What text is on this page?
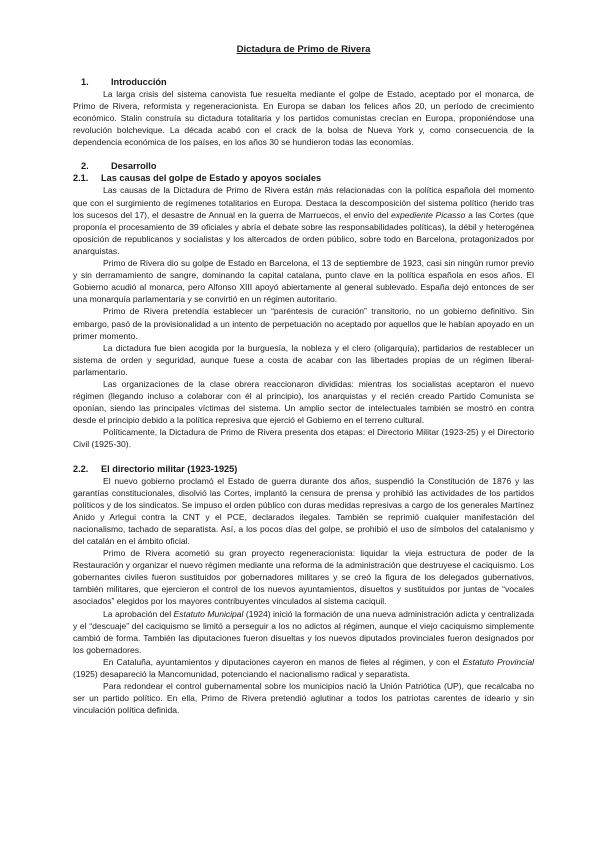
Dictadura de Primo de Rivera
1.	Introducción

La larga crisis del sistema canovista fue resuelta mediante el golpe de Estado, aceptado por el monarca, de Primo de Rivera, reformista y regeneracionista. En Europa se daban los felices años 20, un período de crecimiento económico. Stalin construía su dictadura totalitaria y los partidos comunistas crecían en Europa, proponiéndose una revolución bolchevique. La década acabó con el crack de la bolsa de Nueva York y, como consecuencia de la dependencia económica de los países, en los años 30 se hundieron todas las economías.

2.	Desarrollo
2.1.	Las causas del golpe de Estado y apoyos sociales

Las causas de la Dictadura de Primo de Rivera están más relacionadas con la política española del momento que con el surgimiento de regímenes totalitarios en Europa. Destaca la descomposición del sistema político (herido tras los sucesos del 17), el desastre de Annual en la guerra de Marruecos, el envío del expediente Picasso a las Cortes (que proponía el procesamiento de 39 oficiales y abría el debate sobre las responsabilidades políticas), la débil y heterogénea oposición de republicanos y socialistas y los altercados de orden público, sobre todo en Barcelona, protagonizados por anarquistas.

Primo de Rivera dio su golpe de Estado en Barcelona, el 13 de septiembre de 1923, casi sin ningún rumor previo y sin derramamiento de sangre, dominando la capital catalana, punto clave en la política española en esos años. El Gobierno acudió al monarca, pero Alfonso XIII apoyó abiertamente al general sublevado. España dejó entonces de ser una monarquía parlamentaria y se convirtió en un régimen autoritario.

Primo de Rivera pretendía establecer un “paréntesis de curación” transitorio, no un gobierno definitivo. Sin embargo, pasó de la provisionalidad a un intento de perpetuación no aceptado por aquellos que le habían apoyado en un primer momento.

La dictadura fue bien acogida por la burguesía, la nobleza y el clero (oligarquía), partidarios de restablecer un sistema de orden y seguridad, aunque fuese a costa de acabar con las libertades propias de un régimen liberal-parlamentario.

Las organizaciones de la clase obrera reaccionaron divididas: mientras los socialistas aceptaron el nuevo régimen (llegando incluso a colaborar con él al principio), los anarquistas y el recién creado Partido Comunista se oponían, siendo las principales víctimas del sistema. Un amplio sector de intelectuales también se mostró en contra desde el principio debido a la política represiva que ejerció el Gobierno en el terreno cultural.

Políticamente, la Dictadura de Primo de Rivera presenta dos etapas: el Directorio Militar (1923-25) y el Directorio Civil (1925-30).

2.2.	El directorio militar (1923-1925)

El nuevo gobierno proclamó el Estado de guerra durante dos años, suspendió la Constitución de 1876 y las garantías constitucionales, disolvió las Cortes, implantó la censura de prensa y prohibió las actividades de los partidos políticos y de los sindicatos. Se impuso el orden público con duras medidas represivas a cargo de los generales Martínez Anido y Arlegui contra la CNT y el PCE, declarados ilegales. También se reprimió cualquier manifestación del nacionalismo, tachado de separatista. Así, a los pocos días del golpe, se prohibió el uso de símbolos del catalanismo y del catalán en el ámbito oficial.

Primo de Rivera acometió su gran proyecto regeneracionista: liquidar la vieja estructura de poder de la Restauración y organizar el nuevo régimen mediante una reforma de la administración que destruyese el caciquismo. Los gobernantes civiles fueron sustituidos por gobernadores militares y se creó la figura de los delegados gubernativos, también militares, que ejercieron el control de los nuevos ayuntamientos, disueltos y sustituidos por juntas de “vocales asociados” elegidos por los mayores contribuyentes vinculados al sistema caciquil.

La aprobación del Estatuto Municipal (1924) inició la formación de una nueva administración adicta y centralizada y el “descuaje” del caciquismo se limitó a perseguir a los no adictos al régimen, aunque el viejo caciquismo simplemente cambió de forma. También las diputaciones fueron disueltas y los nuevos diputados provinciales fueron designados por los gobernadores.

En Cataluña, ayuntamientos y diputaciones cayeron en manos de fieles al régimen, y con el Estatuto Provincial (1925) desapareció la Mancomunidad, potenciando el nacionalismo radical y separatista.

Para redondear el control gubernamental sobre los municipios nació la Unión Patriótica (UP), que recalcaba no ser un partido político. En ella, Primo de Rivera pretendió aglutinar a todos los patriotas carentes de ideario y sin vinculación política definida.
